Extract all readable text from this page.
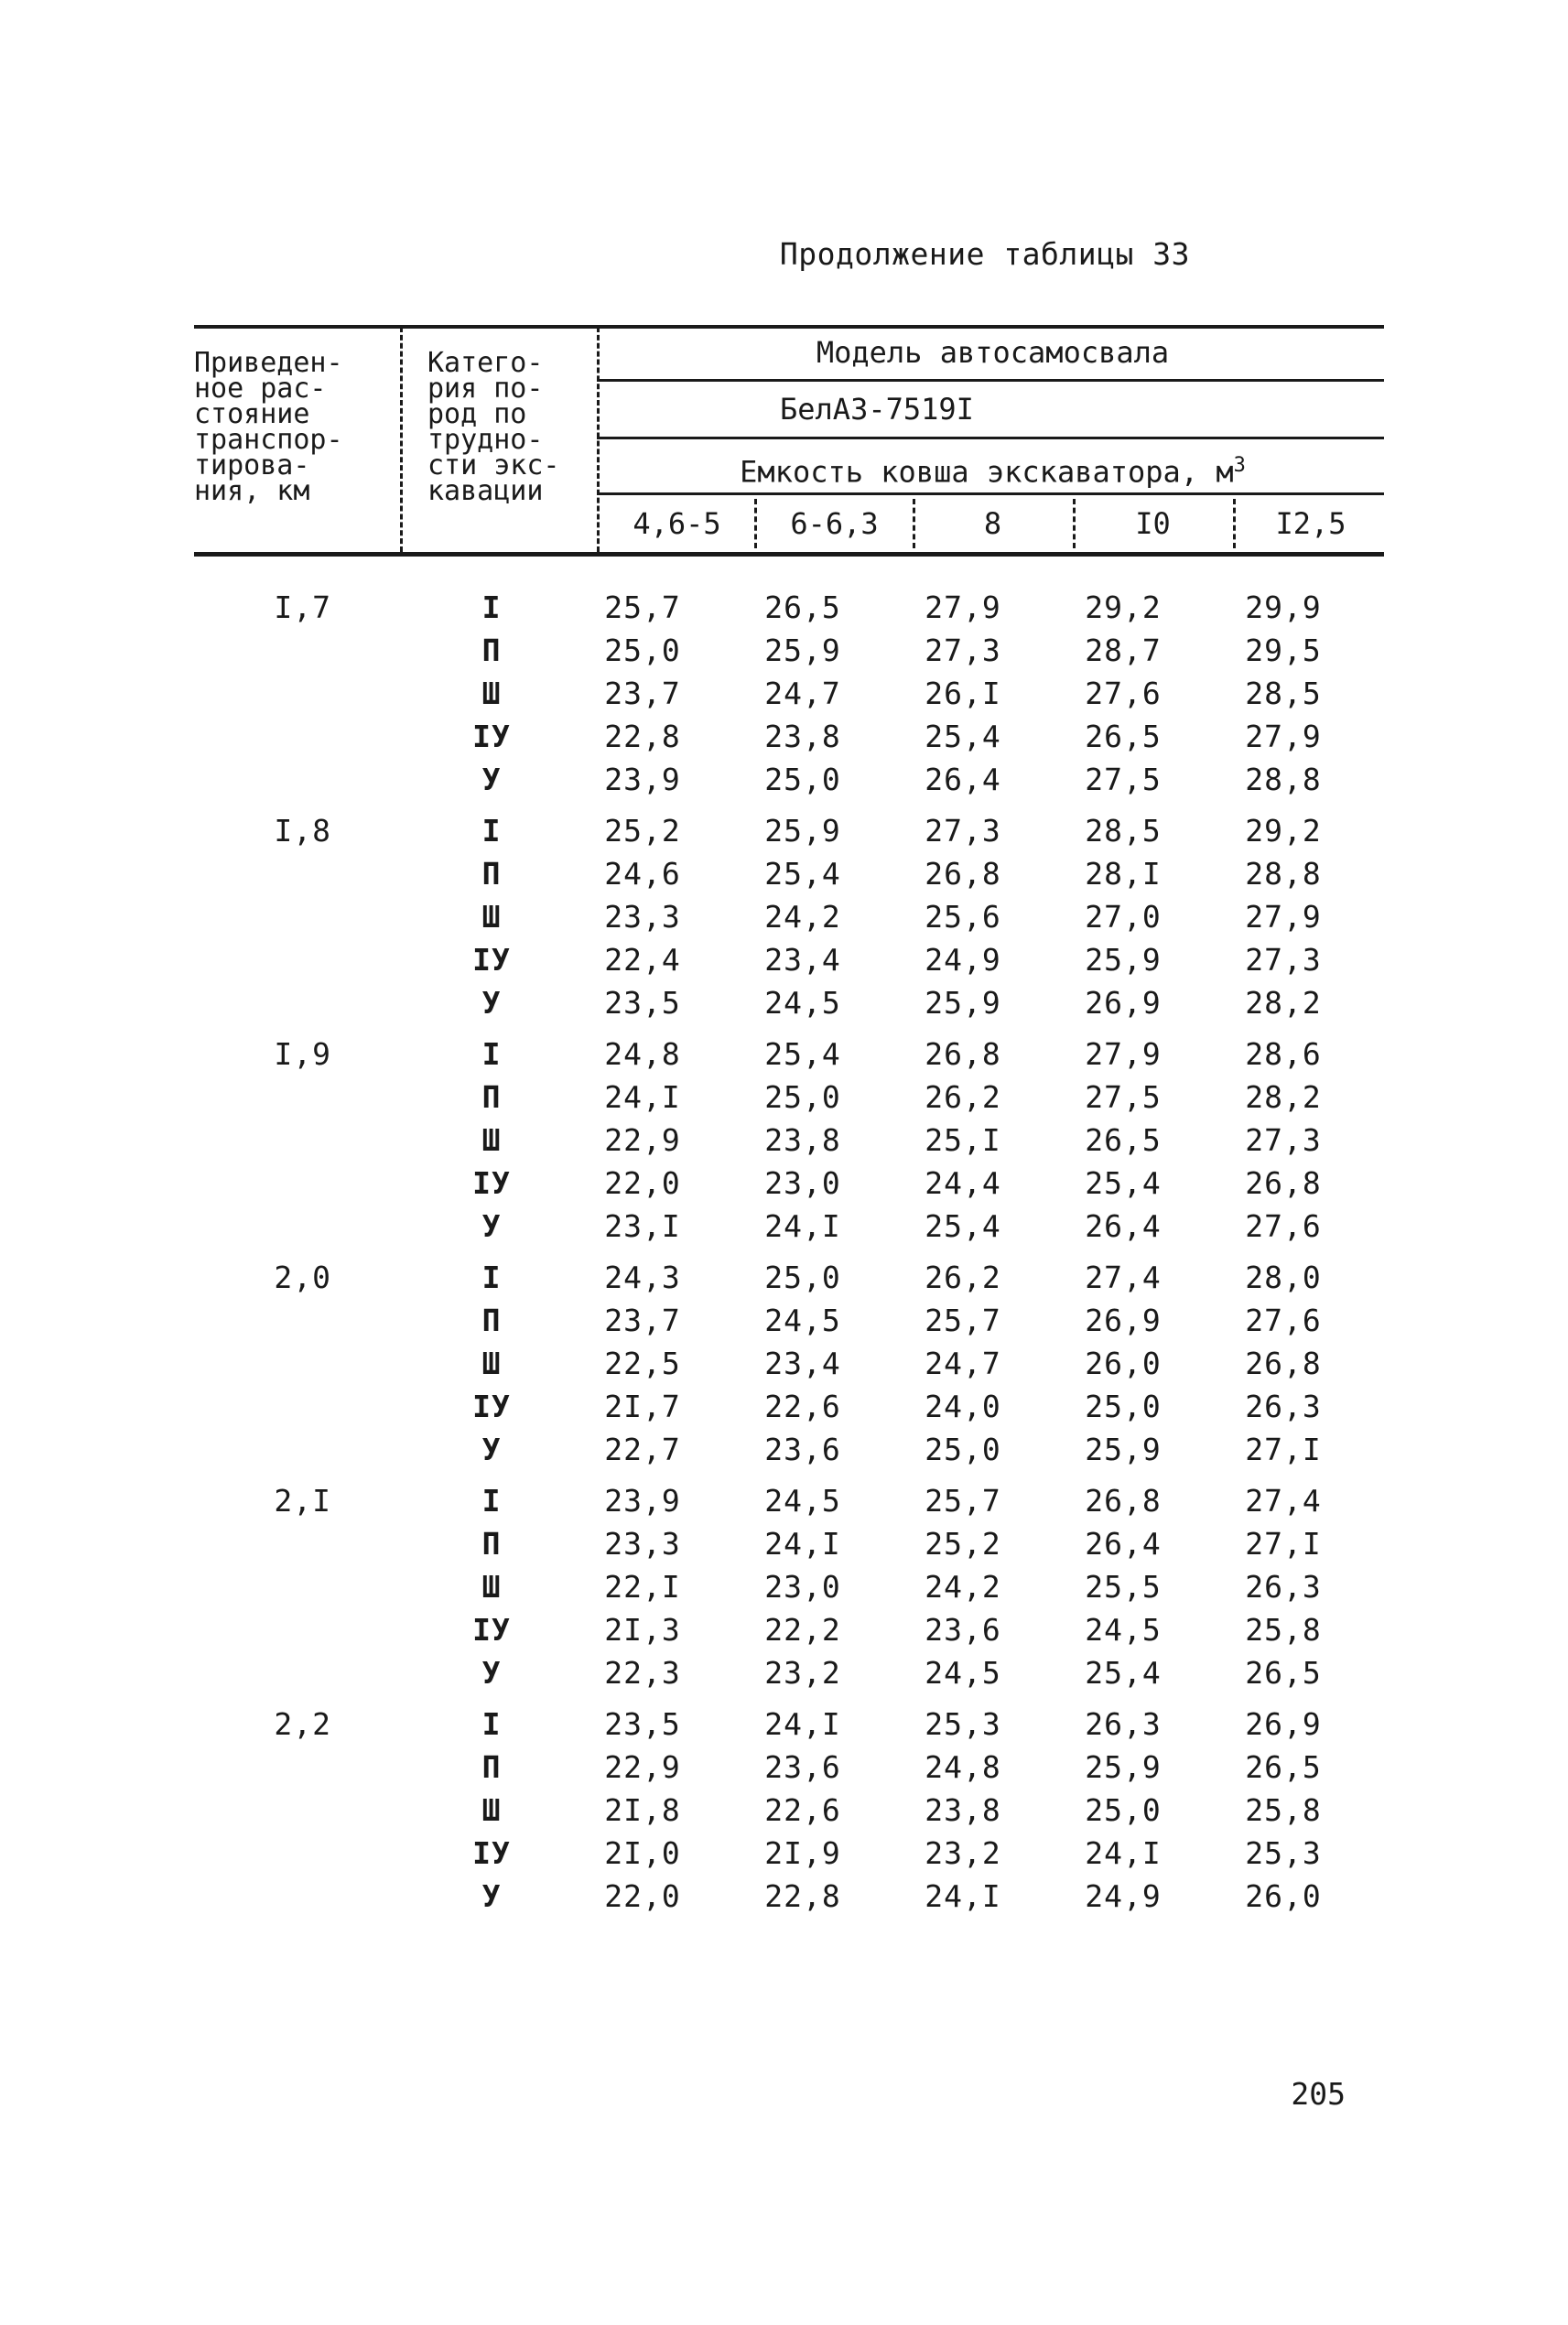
Продолжение таблицы 33
Приведен-
ное рас-
стояние
транспор-
тирова-
ния, км
Катего-
рия по-
род по
трудно-
сти экс-
кавации
Модель автосамосвала
БелАЗ-7519I
Емкость ковша экскаватора, $м^3$
4,6-5	6-6,3	8	I0	I2,5
I,7	I	25,7	26,5	27,9	29,2	29,9
П	25,0	25,9	27,3	28,7	29,5
Ш	23,7	24,7	26,I	27,6	28,5
ІУ	22,8	23,8	25,4	26,5	27,9
У	23,9	25,0	26,4	27,5	28,8
I,8	I	25,2	25,9	27,3	28,5	29,2
П	24,6	25,4	26,8	28,I	28,8
Ш	23,3	24,2	25,6	27,0	27,9
ІУ	22,4	23,4	24,9	25,9	27,3
У	23,5	24,5	25,9	26,9	28,2
I,9	I	24,8	25,4	26,8	27,9	28,6
П	24,I	25,0	26,2	27,5	28,2
Ш	22,9	23,8	25,I	26,5	27,3
ІУ	22,0	23,0	24,4	25,4	26,8
У	23,I	24,I	25,4	26,4	27,6
2,0	I	24,3	25,0	26,2	27,4	28,0
П	23,7	24,5	25,7	26,9	27,6
Ш	22,5	23,4	24,7	26,0	26,8
ІУ	2I,7	22,6	24,0	25,0	26,3
У	22,7	23,6	25,0	25,9	27,I
2,I	I	23,9	24,5	25,7	26,8	27,4
П	23,3	24,I	25,2	26,4	27,I
Ш	22,I	23,0	24,2	25,5	26,3
ІУ	2I,3	22,2	23,6	24,5	25,8
У	22,3	23,2	24,5	25,4	26,5
2,2	I	23,5	24,I	25,3	26,3	26,9
П	22,9	23,6	24,8	25,9	26,5
Ш	2I,8	22,6	23,8	25,0	25,8
ІУ	2I,0	2I,9	23,2	24,I	25,3
У	22,0	22,8	24,I	24,9	26,0
205
